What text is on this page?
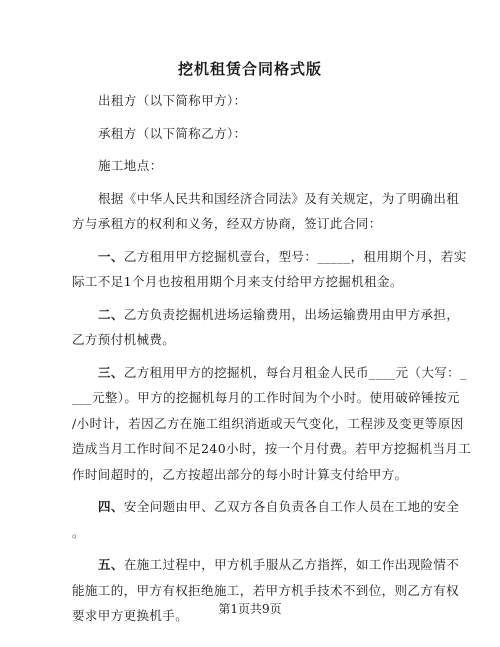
挖机租赁合同格式版

出租方（以下简称甲方）：

承租方（以下简称乙方）：

施工地点：

根据《中华人民共和国经济合同法》及有关规定，为了明确出租

方与承租方的权利和义务，经双方协商，签订此合同：

一、乙方租用甲方挖掘机壹台，型号：_____，租用期个月，若实

际工不足1个月也按租用期个月来支付给甲方挖掘机租金。

二、乙方负责挖掘机进场运输费用，出场运输费用由甲方承担，

乙方预付机械费。

三、乙方租用甲方的挖掘机，每台月租金人民币____元（大写：_

___元整）。甲方的挖掘机每月的工作时间为个小时。使用破碎锤按元

/小时计，若因乙方在施工组织消逝或天气变化，工程涉及变更等原因

造成当月工作时间不足240小时，按一个月付费。若甲方挖掘机当月工

作时间超时的，乙方按超出部分的每小时计算支付给甲方。

四、安全问题由甲、乙双方各自负责各自工作人员在工地的安全

。

五、在施工过程中，甲方机手服从乙方指挥，如工作出现险情不

能施工的，甲方有权拒绝施工，若甲方机手技术不到位，则乙方有权

要求甲方更换机手。	第1页共9页
